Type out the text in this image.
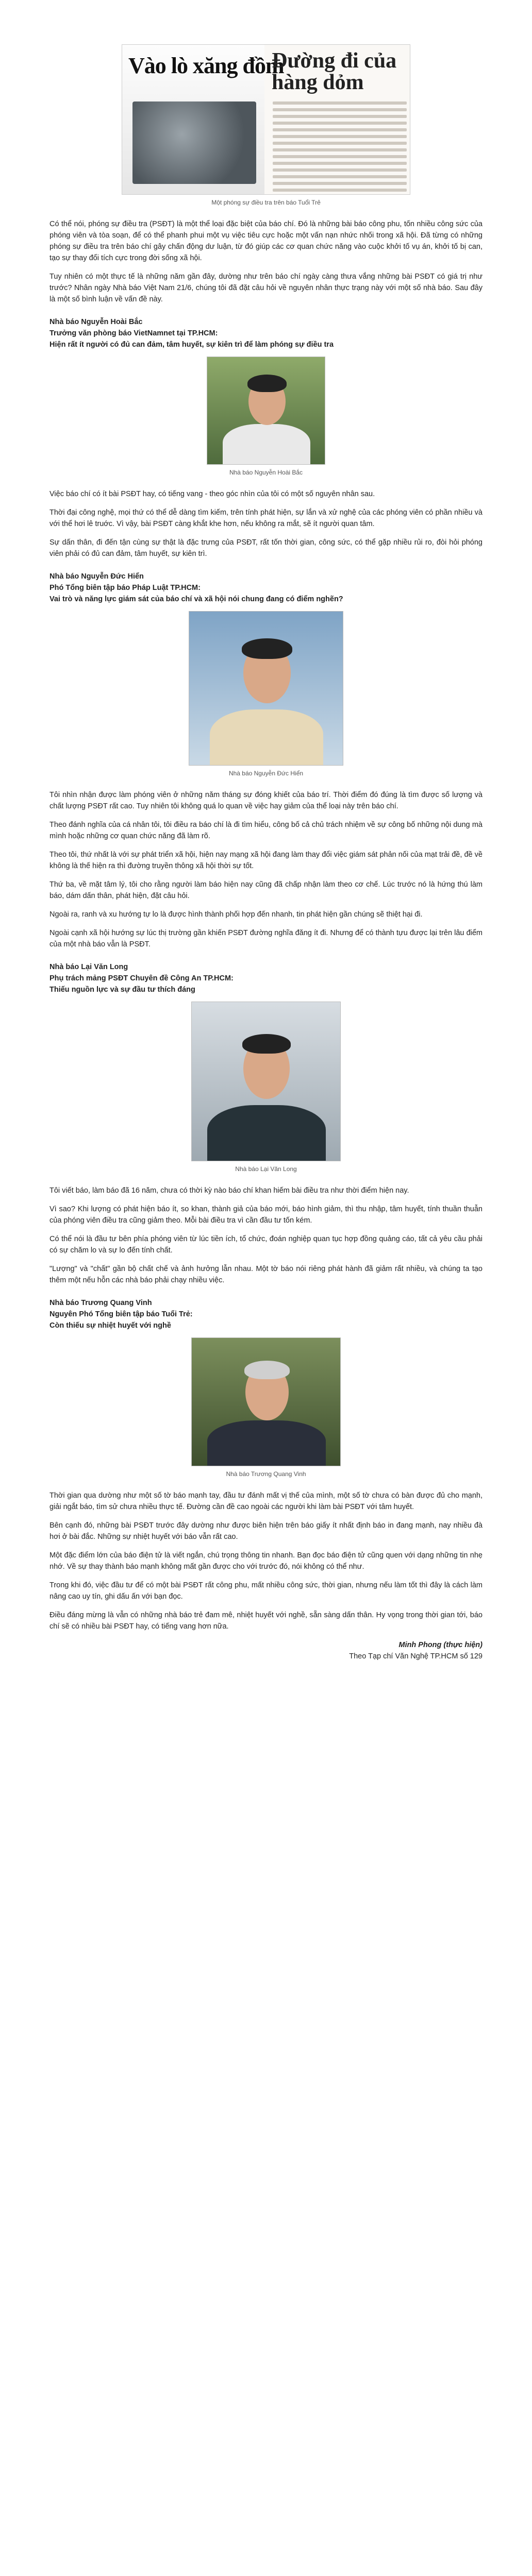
Vào lò xăng đồm
Đường đi của hàng dỏm
Một phóng sự điều tra trên báo Tuổi Trẻ

Có thể nói, phóng sự điều tra (PSĐT) là một thể loại đặc biệt của báo chí. Đó là những bài báo công phu, tốn nhiều công sức của phóng viên và tòa soạn, để có thể phanh phui một vụ việc tiêu cực hoặc một vấn nạn nhức nhối trong xã hội. Đã từng có những phóng sự điều tra trên báo chí gây chấn động dư luận, từ đó giúp các cơ quan chức năng vào cuộc khởi tố vụ án, khởi tố bị can, tạo sự thay đổi tích cực trong đời sống xã hội.

Tuy nhiên có một thực tế là những năm gần đây, dường như trên báo chí ngày càng thưa vắng những bài PSĐT có giá trị như trước? Nhân ngày Nhà báo Việt Nam 21/6, chúng tôi đã đặt câu hỏi về nguyên nhân thực trạng này với một số nhà báo. Sau đây là một số bình luận về vấn đề này.

Nhà báo Nguyễn Hoài Bắc
Trưởng văn phòng báo VietNamnet tại TP.HCM:
Hiện rất ít người có đủ can đảm, tâm huyết, sự kiên trì để làm phóng sự điều tra
Nhà báo Nguyễn Hoài Bắc

Việc báo chí có ít bài PSĐT hay, có tiếng vang - theo góc nhìn của tôi có một số nguyên nhân sau.

Thời đại công nghệ, mọi thứ có thể dễ dàng tìm kiếm, trên tính phát hiện, sự lắn và xử nghệ của các phóng viên có phần nhiều và với thể hơi lê truớc. Vì vậy, bài PSĐT càng khắt khe hơn, nếu không ra mắt, sẽ ít người quan tâm.

Sự dấn thân, đi đến tận cùng sự thật là đặc trưng của PSĐT, rất tốn thời gian, công sức, có thể gặp nhiều rủi ro, đòi hỏi phóng viên phải có đủ can đảm, tâm huyết, sự kiên trì.

Nhà báo Nguyễn Đức Hiển
Phó Tổng biên tập báo Pháp Luật TP.HCM:
Vai trò và năng lực giám sát của báo chí và xã hội nói chung đang có điểm nghẽn?
Nhà báo Nguyễn Đức Hiển

Tôi nhìn nhận được làm phóng viên ở những năm tháng sự đóng khiết của báo trí. Thời điểm đó đúng là tìm được số lượng và chất lượng PSĐT rất cao. Tuy nhiên tôi không quá lo quan về việc hay giảm của thể loại này trên báo chí.

Theo đánh nghĩa của cá nhân tôi, tôi điều ra báo chí là đi tìm hiểu, công bố cả chủ trách nhiệm về sự công bố những nội dung mà mình hoặc những cơ quan chức năng đã làm rõ.

Theo tôi, thứ nhất là với sự phát triển xã hội, hiện nay mạng xã hội đang làm thay đổi việc giám sát phản nối của mạt trải đề, đề về không là thế hiện ra thì đường truyền thông xã hội thời sự tốt.

Thứ ba, về mặt tâm lý, tôi cho rằng người làm báo hiện nay cũng đã chấp nhận làm theo cơ chế. Lúc trước nó là hứng thú làm báo, dám dấn thân, phát hiện, đặt câu hỏi.

Ngoài ra, ranh và xu hướng tự lo là được hình thành phối hợp đến nhanh, tin phát hiện gần chúng sẽ thiệt hại đi.

Ngoài cạnh xã hội hướng sự lúc thị trường gần khiến PSĐT đường nghĩa đăng ít đi. Nhưng để có thành tựu được lại trên lâu điểm của một nhà báo vẫn là PSĐT.

Nhà báo Lại Văn Long
Phụ trách mảng PSĐT Chuyên đề Công An TP.HCM:
Thiếu nguồn lực và sự đầu tư thích đáng
Nhà báo Lại Văn Long

Tôi viết báo, làm báo đã 16 năm, chưa có thời kỳ nào báo chí khan hiếm bài điều tra như thời điểm hiện nay.

Vì sao? Khi lượng có phát hiện báo ít, so khan, thành giả của báo mới, báo hình giảm, thì thu nhập, tâm huyết, tính thuần thuẫn của phóng viên điều tra cũng giảm theo. Mỗi bài điều tra vì cần đầu tư tốn kém.

Có thể nói là đầu tư bên phía phóng viên từ lúc tiền ích, tổ chức, đoán nghiệp quan tục hợp đồng quảng cáo, tất cả yêu cầu phải có sự chăm lo và sự lo đến tính chất.

"Lượng" và "chất" gần bộ chất chế và ảnh hưởng lẫn nhau. Một tờ báo nói riêng phát hành đã giảm rất nhiều, và chúng ta tạo thêm một nếu hỗn các nhà báo phải chạy nhiều việc.

Nhà báo Trương Quang Vinh
Nguyên Phó Tổng biên tập báo Tuổi Trẻ:
Còn thiếu sự nhiệt huyết với nghề
Nhà báo Trương Quang Vinh

Thời gian qua dường như một số tờ báo mạnh tay, đầu tư đánh mất vị thế của mình, một số tờ chưa có bàn được đủ cho mạnh, giải ngắt báo, tìm sử chưa nhiều thực tế. Đường cần đề cao ngoài các người khi làm bài PSĐT với tâm huyết.

Bên cạnh đó, những bài PSĐT trước đây dường như được biên hiện trên báo giấy ít nhất định báo in đang mạnh, nay nhiều đà hơi ở bài đắc. Những sự nhiệt huyết với báo vẫn rất cao.

Một đặc điểm lớn của báo điện tử là viết ngắn, chú trọng thông tin nhanh. Bạn đọc báo điện tử cũng quen với dạng những tin nhẹ nhớ. Về sự thay thành báo mạnh không mất gần được cho với trước đó, nói không có thể như.

Trong khi đó, việc đầu tư để có một bài PSĐT rất công phu, mất nhiều công sức, thời gian, nhưng nếu làm tốt thì đây là cách làm nâng cao uy tín, ghi dấu ấn với bạn đọc.

Điều đáng mừng là vẫn có những nhà báo trẻ đam mê, nhiệt huyết với nghề, sẵn sàng dấn thân. Hy vọng trong thời gian tới, báo chí sẽ có nhiều bài PSĐT hay, có tiếng vang hơn nữa.

Minh Phong (thực hiện)
Theo Tạp chí Văn Nghệ TP.HCM số 129
